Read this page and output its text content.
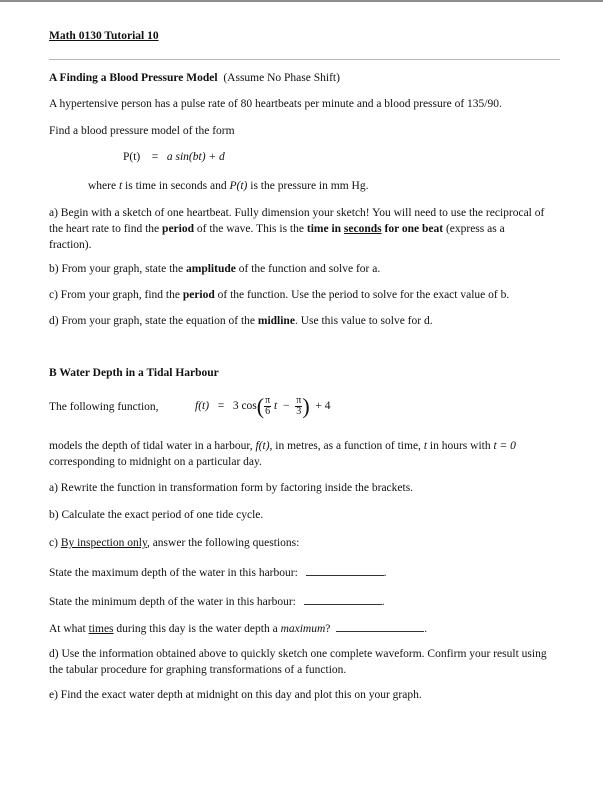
Math 0130 Tutorial 10
A Finding a Blood Pressure Model (Assume No Phase Shift)
A hypertensive person has a pulse rate of 80 heartbeats per minute and a blood pressure of 135/90.
Find a blood pressure model of the form
P(t) = a sin(bt) + d
where t is time in seconds and P(t) is the pressure in mm Hg.
a) Begin with a sketch of one heartbeat. Fully dimension your sketch! You will need to use the reciprocal of the heart rate to find the period of the wave. This is the time in seconds for one beat (express as a fraction).
b) From your graph, state the amplitude of the function and solve for a.
c) From your graph, find the period of the function. Use the period to solve for the exact value of b.
d) From your graph, state the equation of the midline. Use this value to solve for d.
B Water Depth in a Tidal Harbour
The following function,	f(t) = 3 $\cos( \frac{\pi}{6}$ $t - \frac{\pi}{3}$ ) + 4
models the depth of tidal water in a harbour, f(t), in metres, as a function of time, t in hours with t = 0 corresponding to midnight on a particular day.
a) Rewrite the function in transformation form by factoring inside the brackets.
b) Calculate the exact period of one tide cycle.
c) By inspection only, answer the following questions:
State the maximum depth of the water in this harbour:	.
State the minimum depth of the water in this harbour:	.
At what times during this day is the water depth a maximum?	.
d) Use the information obtained above to quickly sketch one complete waveform. Confirm your result using the tabular procedure for graphing transformations of a function.
e) Find the exact water depth at midnight on this day and plot this on your graph.
